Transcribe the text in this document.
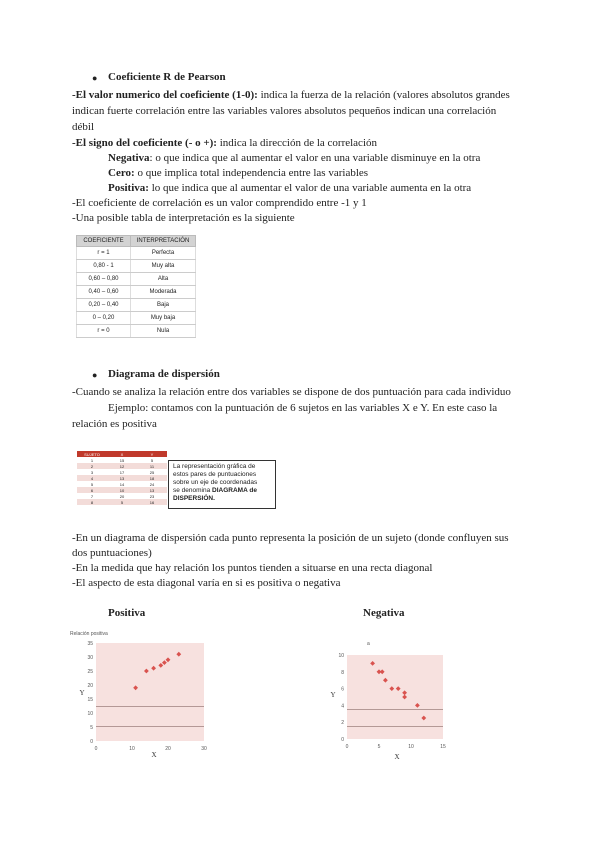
● Coeficiente R de Pearson
-El valor numerico del coeficiente (1-0): indica la fuerza de la relación (valores absolutos grandes
indican fuerte correlación entre las variables valores absolutos pequeños indican una correlación
débil
-El signo del coeficiente (- o +): indica la dirección de la correlación
Negativa: o que indica que al aumentar el valor en una variable disminuye en la otra
Cero: o que implica total independencia entre las variables
Positiva: lo que indica que al aumentar el valor de una variable aumenta en la otra
-El coeficiente de correlación es un valor comprendido entre -1 y 1
-Una posible tabla de interpretación es la siguiente
COEFICIENTE	INTERPRETACIÓN
r = 1	Perfecta
0,80 - 1	Muy alta
0,60 – 0,80	Alta
0,40 – 0,60	Moderada
0,20 – 0,40	Baja
0 – 0,20	Muy baja
r = 0	Nula
● Diagrama de dispersión
-Cuando se analiza la relación entre dos variables se dispone de dos puntuación para cada individuo
Ejemplo: contamos con la puntuación de 6 sujetos en las variables X e Y. En este caso la
relación es positiva
SUJETO	X	Y
1	15	5
2	12	11
3	17	25
4	13	18
5	14	24
6	10	13
7	20	23
8	5	16
La representación gráfica de
estos pares de puntuaciones
sobre un eje de coordenadas
se denomina DIAGRAMA de
DISPERSIÓN.
-En un diagrama de dispersión cada punto representa la posición de un sujeto (donde confluyen sus
dos puntuaciones)
-En la medida que hay relación los puntos tienden a situarse en una recta diagonal
-El aspecto de esta diagonal varía en si es positiva o negativa
Positiva	Negativa
0
5
10
15
20
25
30
35
0	10	20	30
Relación positiva
Y
X
0
2
4
6
8
10
0	5	10	15
a
Y
X
